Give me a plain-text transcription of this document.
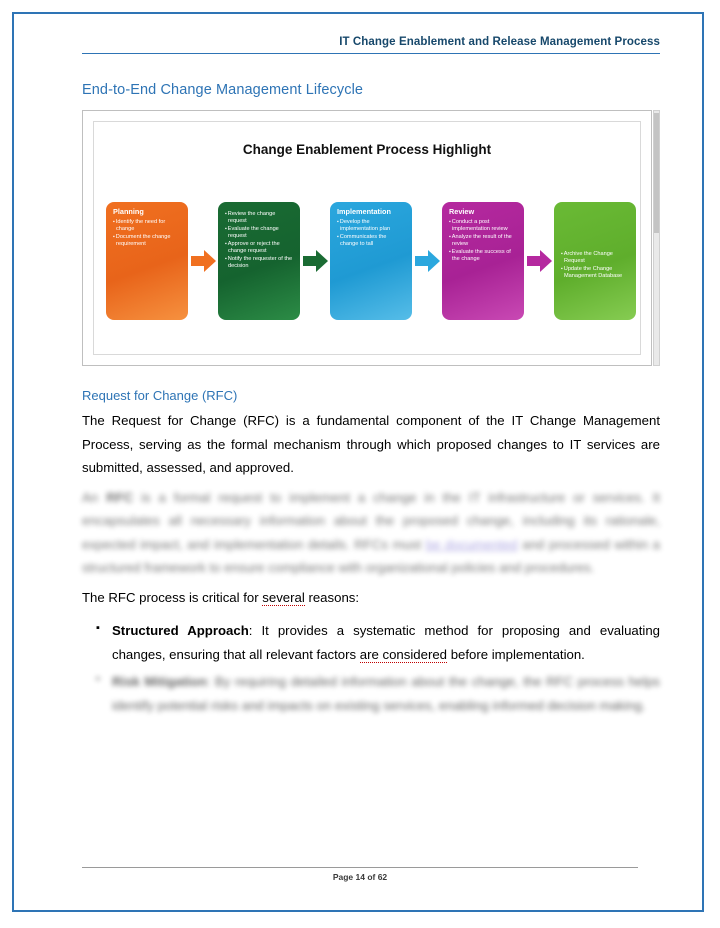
IT Change Enablement and Release Management Process
End-to-End Change Management Lifecycle
Change Enablement Process Highlight
Planning
▪ Identify the need for change
▪ Document the change requirement
▪ Review the change request
▪ Evaluate the change request
▪ Approve or reject the change request
▪ Notify the requester of the decision
Implementation
▪ Develop the implementation plan
▪ Communicates the change to tall
Review
▪ Conduct a post implementation review
▪ Analyze the result of the review
▪ Evaluate the success of the change
▪ Archive the Change Request
▪ Update the Change Management Database
Request for Change (RFC)

The Request for Change (RFC) is a fundamental component of the IT Change Management Process, serving as the formal mechanism through which proposed changes to IT services are submitted, assessed, and approved.

An RFC is a formal request to implement a change in the IT infrastructure or services. It encapsulates all necessary information about the proposed change, including its rationale, expected impact, and implementation details. RFCs must be documented and processed within a structured framework to ensure compliance with organizational policies and procedures.

The RFC process is critical for several reasons:

▪ Structured Approach: It provides a systematic method for proposing and evaluating changes, ensuring that all relevant factors are considered before implementation.
▪ Risk Mitigation: By requiring detailed information about the change, the RFC process helps identify potential risks and impacts on existing services, enabling informed decision making.
Page 14 of 62
